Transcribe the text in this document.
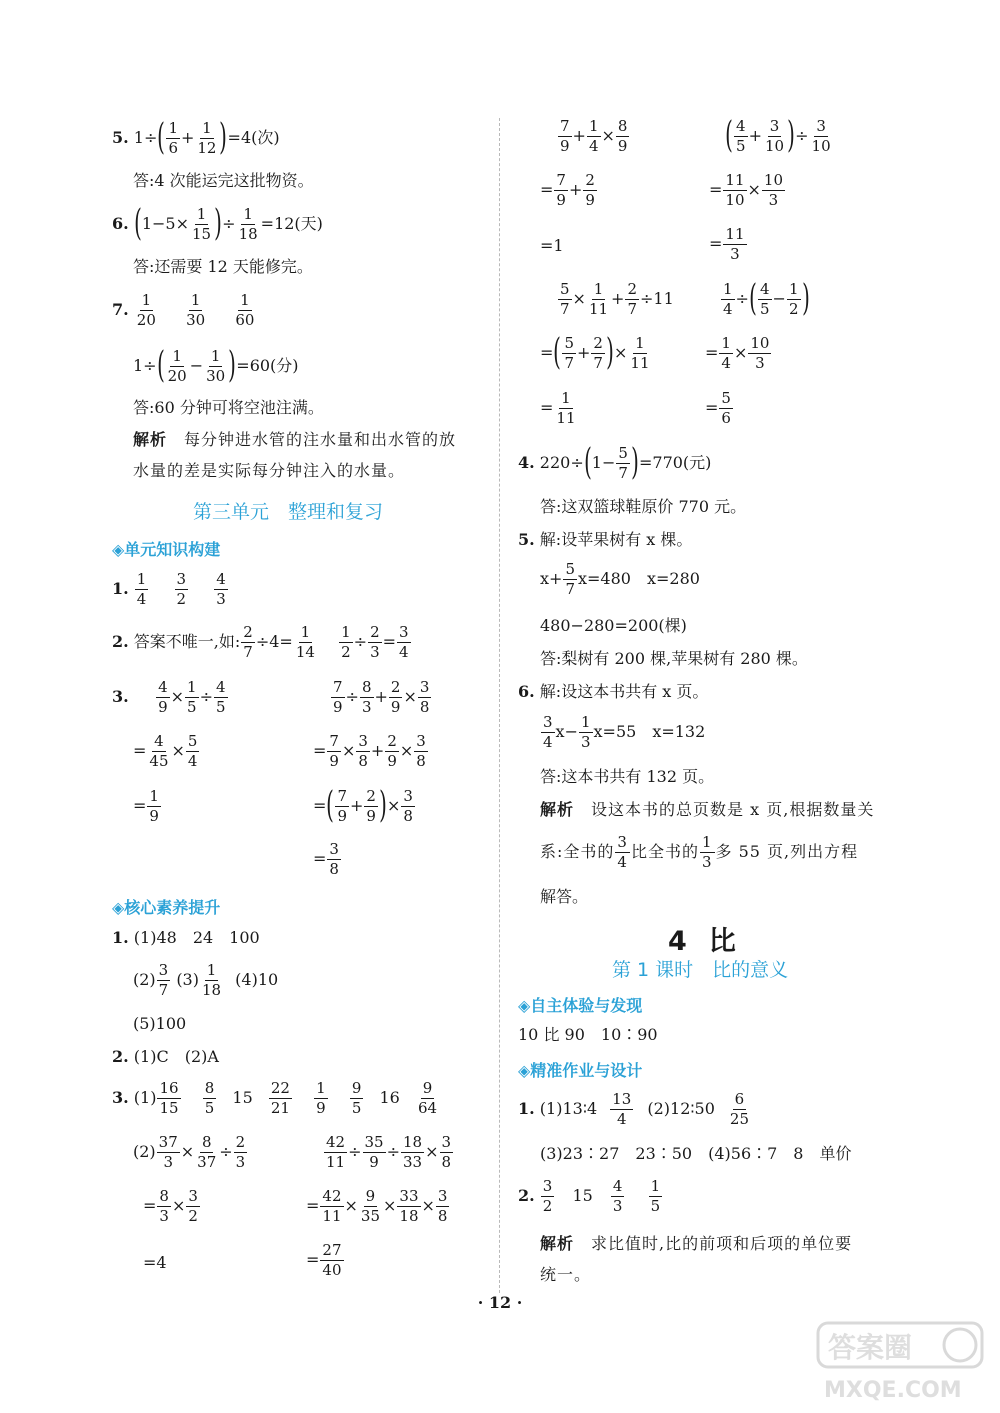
5. $1\div( \frac{1}{6} + \frac{1}{12} )=4$(次)
答:4 次能运完这批物资。
6. ($1-5\times \frac{1}{15}$ )÷ $\frac{1}{18} =12$(天)
答:还需要 12 天能修完。
7. $\frac{1}{20}$
$\frac{1}{30}$
$\frac{1}{60}$
$1\div( \frac{1}{20} - \frac{1}{30} )=60$(分)
答:60 分钟可将空池注满。
解析　 每分钟进水管的注水量和出水管的放
水量的差是实际每分钟注入的水量。
第三单元　整理和复习
◈单元知识构建
1. $\frac{1}{4}$
$\frac{3}{2}$
$\frac{4}{3}$
2. 答案不唯一,如: $\frac{2}{7} \div 4= \frac{1}{14}$
$\frac{1}{2} \div \frac{2}{3} = \frac{3}{4}$
3. $\frac{4}{9} \times \frac{1}{5} \div \frac{4}{5}$
= $\frac{4}{45} \times \frac{5}{4}$
= $\frac{1}{9}$
$\frac{7}{9} \div \frac{8}{3} + \frac{2}{9} \times \frac{3}{8}$
= $\frac{7}{9} \times \frac{3}{8} + \frac{2}{9} \times \frac{3}{8}$
=( $\frac{7}{9} + \frac{2}{9}$ )× $\frac{3}{8}$
= $\frac{3}{8}$
◈核心素养提升
1. (1)48　24　100
$(2) \frac{3}{7} (3) \frac{1}{18} (4)10$
(5)100
2. (1)C　(2)A
3. $(1) \frac{16}{15}$
$\frac{8}{5} 15 \frac{22}{21}$
$\frac{1}{9}$
$\frac{9}{5} 16 \frac{9}{64}$
$(2) \frac{37}{3} \times \frac{8}{37} \div \frac{2}{3}$
= $\frac{8}{3} \times \frac{3}{2}$
=4
$\frac{42}{11} \div \frac{35}{9} \div \frac{18}{33} \times \frac{3}{8}$
= $\frac{42}{11} \times \frac{9}{35} \times \frac{33}{18} \times \frac{3}{8}$
= $\frac{27}{40}$
$\frac{7}{9} + \frac{1}{4} \times \frac{8}{9}$
= $\frac{7}{9} + \frac{2}{9}$
=1
( $\frac{4}{5} + \frac{3}{10}$ )÷ $\frac{3}{10}$
= $\frac{11}{10} \times \frac{10}{3}$
= $\frac{11}{3}$
$\frac{5}{7} \times \frac{1}{11} + \frac{2}{7} \div 11$
=( $\frac{5}{7} + \frac{2}{7}$ )× $\frac{1}{11}$
= $\frac{1}{11}$
$\frac{1}{4}$ ÷( $\frac{4}{5} - \frac{1}{2}$ )
= $\frac{1}{4} \times \frac{10}{3}$
= $\frac{5}{6}$
4. $220\div(1- \frac{5}{7} )=770$(元)
答:这双篮球鞋原价 770 元。
5. 解:设苹果树有 x 棵。
$x+ \frac{5}{7} x=480$　x=280
480−280=200(棵)
答:梨树有 200 棵,苹果树有 280 棵。
6. 解:设这本书共有 x 页。
$\frac{3}{4} x- \frac{1}{3} x=55$　x=132
答:这本书共有 132 页。
解析　 设这本书的总页数是 x 页,根据数量关
系:全书的 $\frac{3}{4}$ 比全书的 $\frac{1}{3}$ 多 55 页,列出方程
解答。
4 比
第 1 课时　比的意义
◈自主体验与发现
10 比 90　10∶90
◈精准作业与设计
1. (1)13∶4 $\frac{13}{4}$ (2)12∶50 $\frac{6}{25}$
(3)23∶27　23∶50　(4)56∶7　8　单价
2. $\frac{3}{2} 15 \frac{4}{3}$
$\frac{1}{5}$
解析　 求比值时,比的前项和后项的单位要
统一。
· 12 ·
答案圈
MXQE.COM
